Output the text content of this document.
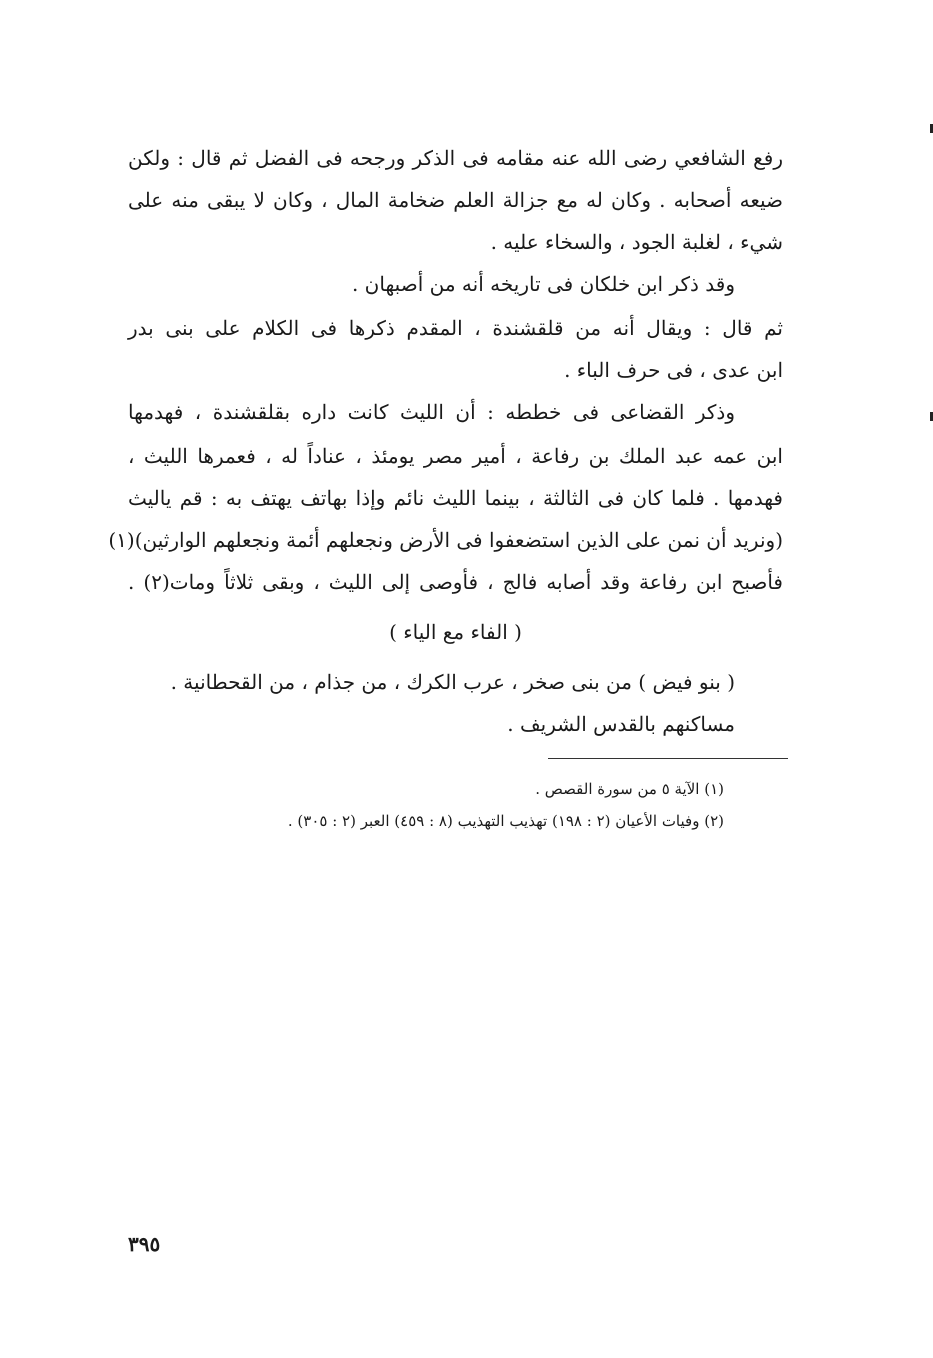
رفع الشافعي رضى الله عنه مقامه فى الذكر ورجحه فى الفضل ثم قال : ولكن
ضيعه أصحابه . وكان له مع جزالة العلم ضخامة المال ، وكان لا يبقى منه على
شيء ، لغلبة الجود ، والسخاء عليه .
وقد ذكر ابن خلكان فى تاريخه أنه من أصبهان .
ثم قال : ويقال أنه من قلقشندة ، المقدم ذكرها فى الكلام على بنى بدر
ابن عدى ، فى حرف الباء .
وذكر القضاعى فى خططه : أن الليث كانت داره بقلقشندة ، فهدمها
ابن عمه عبد الملك بن رفاعة ، أمير مصر يومئذ ، عناداً له ، فعمرها الليث ،
فهدمها . فلما كان فى الثالثة ، بينما الليث نائم وإذا بهاتف يهتف به : قم ياليث
(ونريد أن نمن على الذين استضعفوا فى الأرض ونجعلهم أئمة ونجعلهم الوارثين)(١)
فأصبح ابن رفاعة وقد أصابه فالج ، فأوصى إلى الليث ، وبقى ثلاثاً ومات(٢) .
( الفاء مع الياء )
( بنو فيض ) من بنى صخر ، عرب الكرك ، من جذام ، من القحطانية .
مساكنهم بالقدس الشريف .
(١) الآية ٥ من سورة القصص .
(٢) وفيات الأعيان (٢ : ١٩٨) تهذيب التهذيب (٨ : ٤٥٩) العبر (٢ : ٣٠٥) .
٣٩٥
